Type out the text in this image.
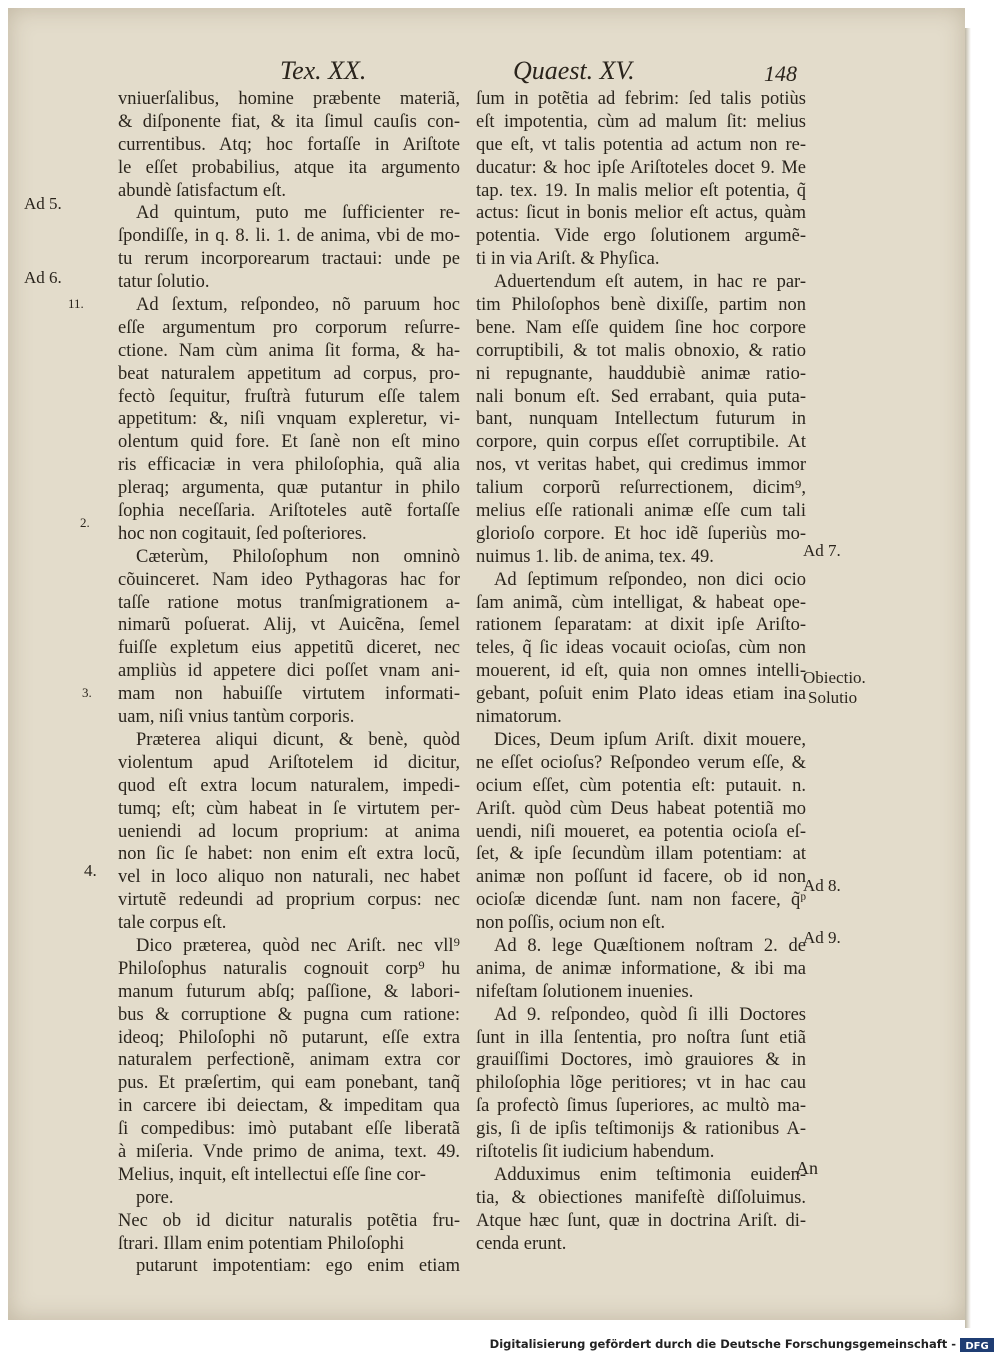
Tex. XX.	Quaest. XV.	148
vniuerſalibus, homine præbente materiã,
& diſponente fiat, & ita ſimul cauſis con-
currentibus. Atq; hoc fortaſſe in Ariſtote
le eſſet probabilius, atque ita argumento
abundè ſatisfactum eſt.
Ad quintum, puto me ſufficienter re-
ſpondiſſe, in q. 8. li. 1. de anima, vbi de mo-
tu rerum incorporearum tractaui: unde pe
tatur ſolutio.
Ad ſextum, reſpondeo, nõ paruum hoc
eſſe argumentum pro corporum reſurre-
ctione. Nam cùm anima ſit forma, & ha-
beat naturalem appetitum ad corpus, pro-
fectò ſequitur, fruſtrà futurum eſſe talem
appetitum: &, niſi vnquam expleretur, vi-
olentum quid fore. Et ſanè non eſt mino
ris efficaciæ in vera philoſophia, quã alia
pleraq; argumenta, quæ putantur in philo
ſophia neceſſaria. Ariſtoteles autẽ fortaſſe
hoc non cogitauit, ſed poſteriores.
Cæterùm, Philoſophum non omninò
cõuinceret. Nam ideo Pythagoras hac for
taſſe ratione motus tranſmigrationem a-
nimarũ poſuerat. Alij, vt Auicẽna, ſemel
fuiſſe expletum eius appetitũ diceret, nec
ampliùs id appetere dici poſſet vnam ani-
mam non habuiſſe virtutem informati-
uam, niſi vnius tantùm corporis.
Præterea aliqui dicunt, & benè, quòd
violentum apud Ariſtotelem id dicitur,
quod eſt extra locum naturalem, impedi-
tumq; eſt; cùm habeat in ſe virtutem per-
ueniendi ad locum proprium: at anima
non ſic ſe habet: non enim eſt extra locũ,
vel in loco aliquo non naturali, nec habet
virtutẽ redeundi ad proprium corpus: nec
tale corpus eſt.
Dico præterea, quòd nec Ariſt. nec vll⁹
Philoſophus naturalis cognouit corp⁹ hu
manum futurum abſq; paſſione, & labori-
bus & corruptione & pugna cum ratione:
ideoq; Philoſophi nõ putarunt, eſſe extra
naturalem perfectionẽ, animam extra cor
pus. Et præſertim, qui eam ponebant, tanq̃
in carcere ibi deiectam, & impeditam qua
ſi compedibus: imò putabant eſſe liberatã
à miſeria. Vnde primo de anima, text. 49.
Melius, inquit, eſt intellectui eſſe ſine cor-
pore.
Nec ob id dicitur naturalis potẽtia fru-
ſtrari. Illam enim potentiam Philoſophi
putarunt impotentiam: ego enim etiam
ſum in potẽtia ad febrim: ſed talis potiùs
eſt impotentia, cùm ad malum ſit: melius
que eſt, vt talis potentia ad actum non re-
ducatur: & hoc ipſe Ariſtoteles docet 9. Me
tap. tex. 19. In malis melior eſt potentia, q̃
actus: ſicut in bonis melior eſt actus, quàm
potentia. Vide ergo ſolutionem argumẽ-
ti in via Ariſt. & Phyſica.
Aduertendum eſt autem, in hac re par-
tim Philoſophos benè dixiſſe, partim non
bene. Nam eſſe quidem ſine hoc corpore
corruptibili, & tot malis obnoxio, & ratio
ni repugnante, hauddubiè animæ ratio-
nali bonum eſt. Sed errabant, quia puta-
bant, nunquam Intellectum futurum in
corpore, quin corpus eſſet corruptibile. At
nos, vt veritas habet, qui credimus immor
talium corporũ reſurrectionem, dicim⁹,
melius eſſe rationali animæ eſſe cum tali
glorioſo corpore. Et hoc idẽ ſuperiùs mo-
nuimus 1. lib. de anima, tex. 49.
Ad ſeptimum reſpondeo, non dici ocio
ſam animã, cùm intelligat, & habeat ope-
rationem ſeparatam: at dixit ipſe Ariſto-
teles, q̃ ſic ideas vocauit ocioſas, cùm non
mouerent, id eſt, quia non omnes intelli-
gebant, poſuit enim Plato ideas etiam ina
nimatorum.
Dices, Deum ipſum Ariſt. dixit mouere,
ne eſſet ocioſus? Reſpondeo verum eſſe, &
ocium eſſet, cùm potentia eſt: putauit. n.
Ariſt. quòd cùm Deus habeat potentiã mo
uendi, niſi moueret, ea potentia ocioſa eſ-
ſet, & ipſe ſecundùm illam potentiam: at
animæ non poſſunt id facere, ob id non
ocioſæ dicendæ ſunt. nam non facere, q̃ᵖ
non poſſis, ocium non eſt.
Ad 8. lege Quæſtionem noſtram 2. de
anima, de animæ informatione, & ibi ma
nifeſtam ſolutionem inuenies.
Ad 9. reſpondeo, quòd ſi illi Doctores
ſunt in illa ſententia, pro noſtra ſunt etiã
grauiſſimi Doctores, imò grauiores & in
philoſophia lõge peritiores; vt in hac cau
ſa profectò ſimus ſuperiores, ac multò ma-
gis, ſi de ipſis teſtimonijs & rationibus A-
riſtotelis ſit iudicium habendum.
Adduximus enim teſtimonia euiden-
tia, & obiectiones manifeſtè diſſoluimus.
Atque hæc ſunt, quæ in doctrina Ariſt. di-
cenda erunt.
An
Ad 5.
Ad 6.
11.
2.
3.
4.
Ad 7.
Obiectio.
Solutio
Ad 8.
Ad 9.
Digitalisierung gefördert durch die Deutsche Forschungsgemeinschaft - DFG
